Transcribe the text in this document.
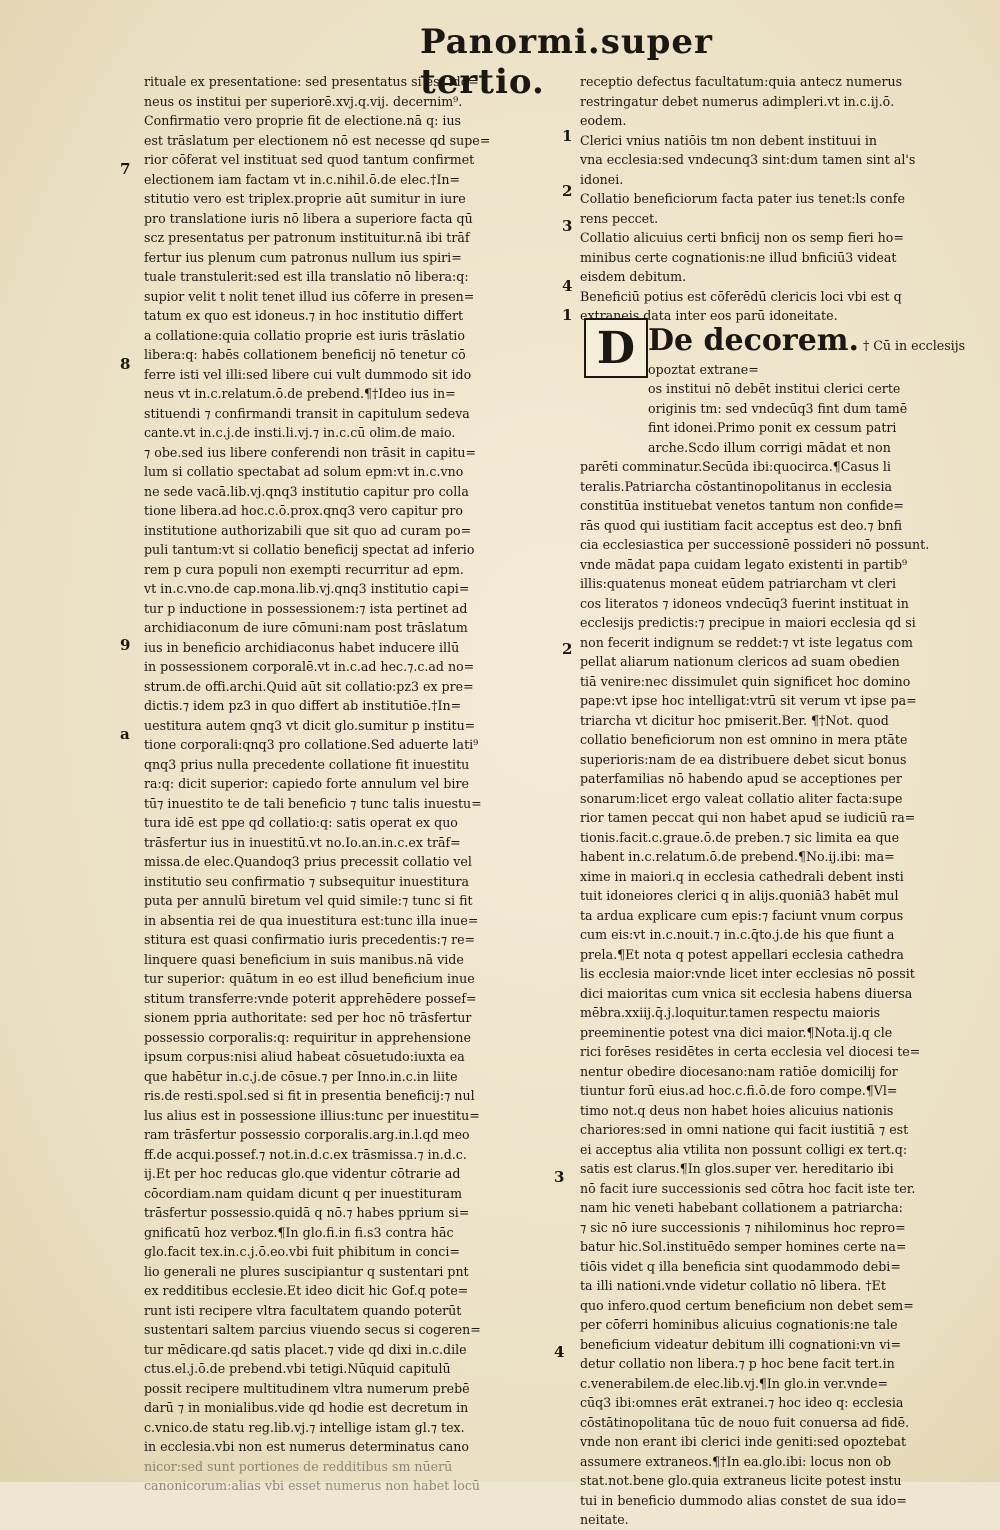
Panormi.super tertio.
7
8
9
a
1
2
3
4
1
2
3
4
D
rituale ex presentatione: sed presentatus si est ido=
neus os institui per superiorē.xvj.q.vij. decernim⁹.
Confirmatio vero proprie fit de electione.nā q: ius
est trāslatum per electionem nō est necesse qd supe=
rior cōferat vel instituat sed quod tantum confirmet
electionem iam factam vt in.c.nihil.ō.de elec.†In=
stitutio vero est triplex.proprie aūt sumitur in iure
pro translatione iuris nō libera a superiore facta qū
scz presentatus per patronum instituitur.nā ibi trāf
fertur ius plenum cum patronus nullum ius spiri=
tuale transtulerit:sed est illa translatio nō libera:q:
supior velit t nolit tenet illud ius cōferre in presen=
tatum ex quo est idoneus.⁊ in hoc institutio differt
a collatione:quia collatio proprie est iuris trāslatio
libera:q: habēs collationem beneficij nō tenetur cō
ferre isti vel illi:sed libere cui vult dummodo sit ido
neus vt in.c.relatum.ō.de prebend.¶†Ideo ius in=
stituendi ⁊ confirmandi transit in capitulum sedeva
cante.vt in.c.j.de insti.li.vj.⁊ in.c.cū olim.de maio.
⁊ obe.sed ius libere conferendi non trāsit in capitu=
lum si collatio spectabat ad solum epm:vt in.c.vno
ne sede vacā.lib.vj.qnq3 institutio capitur pro colla
tione libera.ad hoc.c.ō.prox.qnq3 vero capitur pro
institutione authorizabili que sit quo ad curam po=
puli tantum:vt si collatio beneficij spectat ad inferio
rem p cura populi non exempti recurritur ad epm.
vt in.c.vno.de cap.mona.lib.vj.qnq3 institutio capi=
tur p inductione in possessionem:⁊ ista pertinet ad
archidiaconum de iure cōmuni:nam post trāslatum
ius in beneficio archidiaconus habet inducere illū
in possessionem corporalē.vt in.c.ad hec.⁊.c.ad no=
strum.de offi.archi.Quid aūt sit collatio:pz3 ex pre=
dictis.⁊ idem pz3 in quo differt ab institutiōe.†In=
uestitura autem qnq3 vt dicit glo.sumitur p institu=
tione corporali:qnq3 pro collatione.Sed aduerte lati⁹
qnq3 prius nulla precedente collatione fit inuestitu
ra:q: dicit superior: capiedo forte annulum vel bire
tū⁊ inuestito te de tali beneficio ⁊ tunc talis inuestu=
tura idē est ppe qd collatio:q: satis operat ex quo
trāsfertur ius in inuestitū.vt no.Io.an.in.c.ex trāf=
missa.de elec.Quandoq3 prius precessit collatio vel
institutio seu confirmatio ⁊ subsequitur inuestitura
puta per annulū biretum vel quid simile:⁊ tunc si fit
in absentia rei de qua inuestitura est:tunc illa inue=
stitura est quasi confirmatio iuris precedentis:⁊ re=
linquere quasi beneficium in suis manibus.nā vide
tur superior: quātum in eo est illud beneficium inue
stitum transferre:vnde poterit apprehēdere possef=
sionem ppria authoritate: sed per hoc nō trāsfertur
possessio corporalis:q: requiritur in apprehensione
ipsum corpus:nisi aliud habeat cōsuetudo:iuxta ea
que habētur in.c.j.de cōsue.⁊ per Inno.in.c.in liite
ris.de resti.spol.sed si fit in presentia beneficij:⁊ nul
lus alius est in possessione illius:tunc per inuestitu=
ram trāsfertur possessio corporalis.arg.in.l.qd meo
ff.de acqui.possef.⁊ not.in.d.c.ex trāsmissa.⁊ in.d.c.
ij.Et per hoc reducas glo.que videntur cōtrarie ad
cōcordiam.nam quidam dicunt q per inuestituram
trāsfertur possessio.quidā q nō.⁊ habes pprium si=
gnificatū hoz verboz.¶In glo.fi.in fi.s3 contra hāc
glo.facit tex.in.c.j.ō.eo.vbi fuit phibitum in conci=
lio generali ne plures suscipiantur q sustentari pnt
ex redditibus ecclesie.Et ideo dicit hic Gof.q pote=
runt isti recipere vltra facultatem quando poterūt
sustentari saltem parcius viuendo secus si cogeren=
tur mēdicare.qd satis placet.⁊ vide qd dixi in.c.dile
ctus.el.j.ō.de prebend.vbi tetigi.Nūquid capitulū
possit recipere multitudinem vltra numerum prebē
darū ⁊ in monialibus.vide qd hodie est decretum in
c.vnico.de statu reg.lib.vj.⁊ intellige istam gl.⁊ tex.
in ecclesia.vbi non est numerus determinatus cano
nicor:sed sunt portiones de redditibus sm nūerū
canonicorum:alias vbi esset numerus non habet locū
receptio defectus facultatum:quia antecz numerus
restringatur debet numerus adimpleri.vt in.c.ij.ō.
eodem.
Clerici vnius natiōis tm non debent instituui in
vna ecclesia:sed vndecunq3 sint:dum tamen sint al's
idonei.
Collatio beneficiorum facta pater ius tenet:ls confe
rens peccet.
Collatio alicuius certi bnficij non os semp fieri ho=
minibus certe cognationis:ne illud bnficiū3 videat
eisdem debitum.
Beneficiū potius est cōferēdū clericis loci vbi est q
extraneis data inter eos parū idoneitate.
De decorem. † Cū in ecclesijs
opoztat extrane=
os institui nō debēt institui clerici certe
originis tm: sed vndecūq3 fint dum tamē
fint idonei.Primo ponit ex cessum patri
arche.Scdo illum corrigi mādat et non
parēti comminatur.Secūda ibi:quocirca.¶Casus li
teralis.Patriarcha cōstantinopolitanus in ecclesia
constitūa instituebat venetos tantum non confide=
rās quod qui iustitiam facit acceptus est deo.⁊ bnfi
cia ecclesiastica per successionē possideri nō possunt.
vnde mādat papa cuidam legato existenti in partib⁹
illis:quatenus moneat eūdem patriarcham vt cleri
cos literatos ⁊ idoneos vndecūq3 fuerint instituat in
ecclesijs predictis:⁊ precipue in maiori ecclesia qd si
non fecerit indignum se reddet:⁊ vt iste legatus com
pellat aliarum nationum clericos ad suam obedien
tiā venire:nec dissimulet quin significet hoc domino
pape:vt ipse hoc intelligat:vtrū sit verum vt ipse pa=
triarcha vt dicitur hoc pmiserit.Ber. ¶†Not. quod
collatio beneficiorum non est omnino in mera ptāte
superioris:nam de ea distribuere debet sicut bonus
paterfamilias nō habendo apud se acceptiones per
sonarum:licet ergo valeat collatio aliter facta:supe
rior tamen peccat qui non habet apud se iudiciū ra=
tionis.facit.c.graue.ō.de preben.⁊ sic limita ea que
habent in.c.relatum.ō.de prebend.¶No.ij.ibi: ma=
xime in maiori.q in ecclesia cathedrali debent insti
tuit idoneiores clerici q in alijs.quoniā3 habēt mul
ta ardua explicare cum epis:⁊ faciunt vnum corpus
cum eis:vt in.c.nouit.⁊ in.c.q̄to.j.de his que fiunt a
prela.¶Et nota q potest appellari ecclesia cathedra
lis ecclesia maior:vnde licet inter ecclesias nō possit
dici maioritas cum vnica sit ecclesia habens diuersa
mēbra.xxiij.q̄.j.loquitur.tamen respectu maioris
preeminentie potest vna dici maior.¶Nota.ij.q cle
rici forēses residētes in certa ecclesia vel diocesi te=
nentur obedire diocesano:nam ratiōe domicilij for
tiuntur forū eius.ad hoc.c.fi.ō.de foro compe.¶Vl=
timo not.q deus non habet hoies alicuius nationis
chariores:sed in omni natione qui facit iustitiā ⁊ est
ei acceptus alia vtilita non possunt colligi ex tert.q:
satis est clarus.¶In glos.super ver. hereditario ibi
nō facit iure successionis sed cōtra hoc facit iste ter.
nam hic veneti habebant collationem a patriarcha:
⁊ sic nō iure successionis ⁊ nihilominus hoc repro=
batur hic.Sol.instituēdo semper homines certe na=
tiōis videt q illa beneficia sint quodammodo debi=
ta illi nationi.vnde videtur collatio nō libera. †Et
quo infero.quod certum beneficium non debet sem=
per cōferri hominibus alicuius cognationis:ne tale
beneficium videatur debitum illi cognationi:vn vi=
detur collatio non libera.⁊ p hoc bene facit tert.in
c.venerabilem.de elec.lib.vj.¶In glo.in ver.vnde=
cūq3 ibi:omnes erāt extranei.⁊ hoc ideo q: ecclesia
cōstātinopolitana tūc de nouo fuit conuersa ad fidē.
vnde non erant ibi clerici inde geniti:sed opoztebat
assumere extraneos.¶†In ea.glo.ibi: locus non ob
stat.not.bene glo.quia extraneus licite potest instu
tui in beneficio dummodo alias constet de sua ido=
neitate.
